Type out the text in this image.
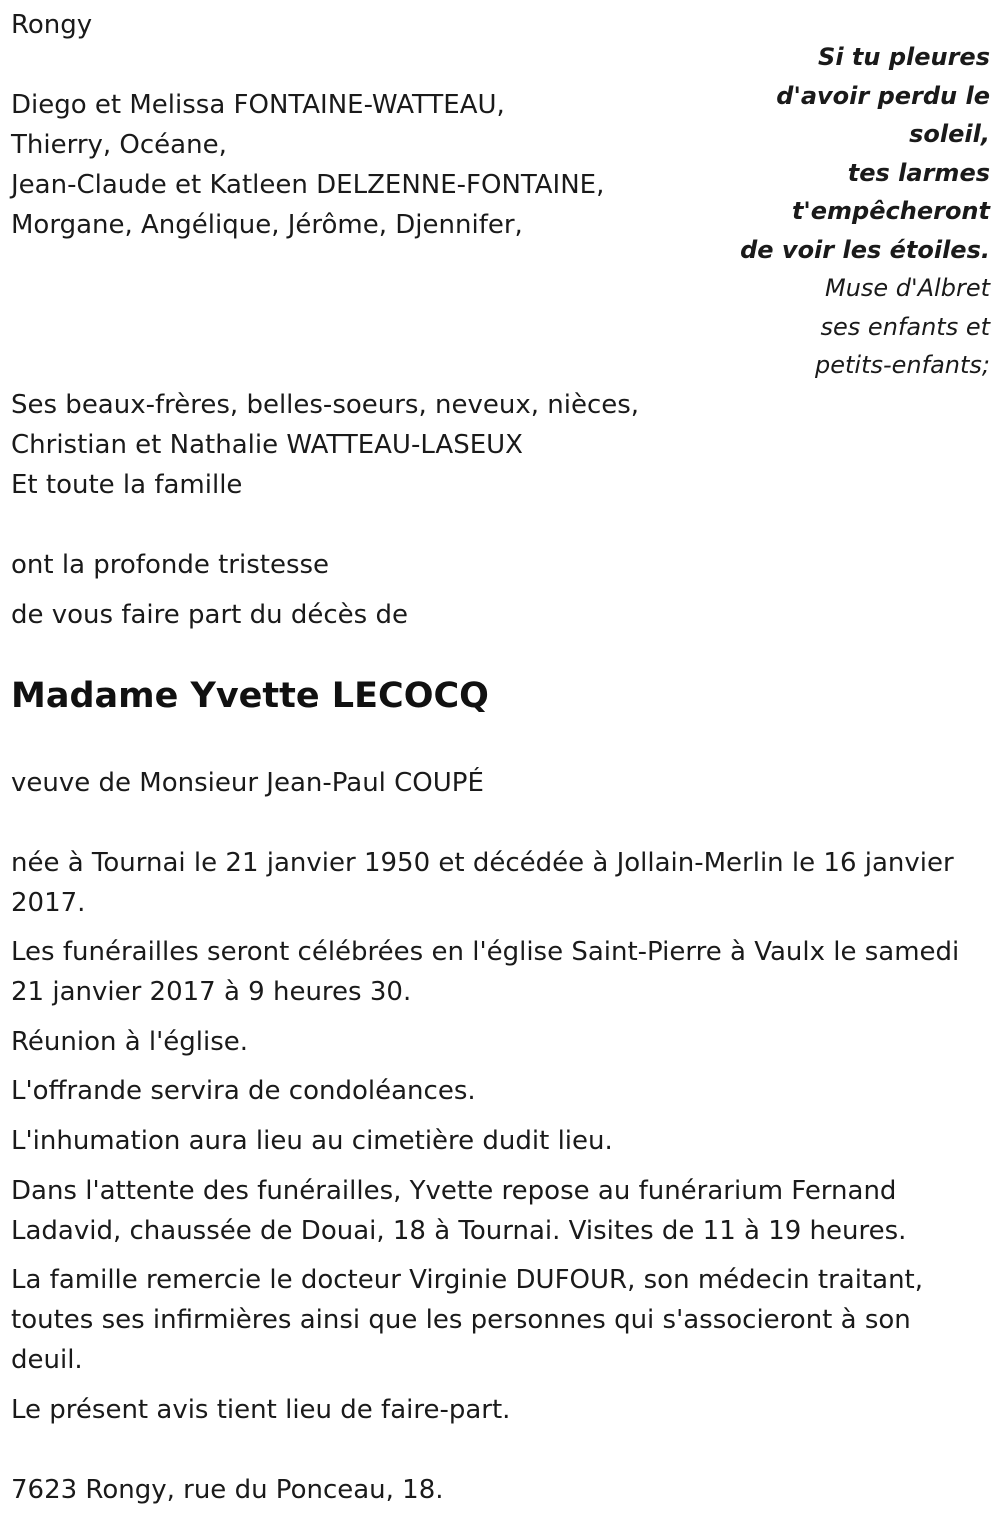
Rongy
Diego et Melissa FONTAINE-WATTEAU,
Thierry, Océane,
Jean-Claude et Katleen DELZENNE-FONTAINE,
Morgane, Angélique, Jérôme, Djennifer,
Si tu pleures
d'avoir perdu le
soleil,
tes larmes
t'empêcheront
de voir les étoiles.
Muse d'Albret
ses enfants et
petits-enfants;
Ses beaux-frères, belles-soeurs, neveux, nièces,
Christian et Nathalie WATTEAU-LASEUX
Et toute la famille
ont la profonde tristesse
de vous faire part du décès de
Madame Yvette LECOCQ
veuve de Monsieur Jean-Paul COUPÉ
née à Tournai le 21 janvier 1950 et décédée à Jollain-Merlin le 16 janvier 2017.
Les funérailles seront célébrées en l'église Saint-Pierre à Vaulx le samedi 21 janvier 2017 à 9 heures 30.
Réunion à l'église.
L'offrande servira de condoléances.
L'inhumation aura lieu au cimetière dudit lieu.
Dans l'attente des funérailles, Yvette repose au funérarium Fernand Ladavid, chaussée de Douai, 18 à Tournai. Visites de 11 à 19 heures.
La famille remercie le docteur Virginie DUFOUR, son médecin traitant, toutes ses infirmières ainsi que les personnes qui s'associeront à son deuil.
Le présent avis tient lieu de faire-part.
7623 Rongy, rue du Ponceau, 18.
